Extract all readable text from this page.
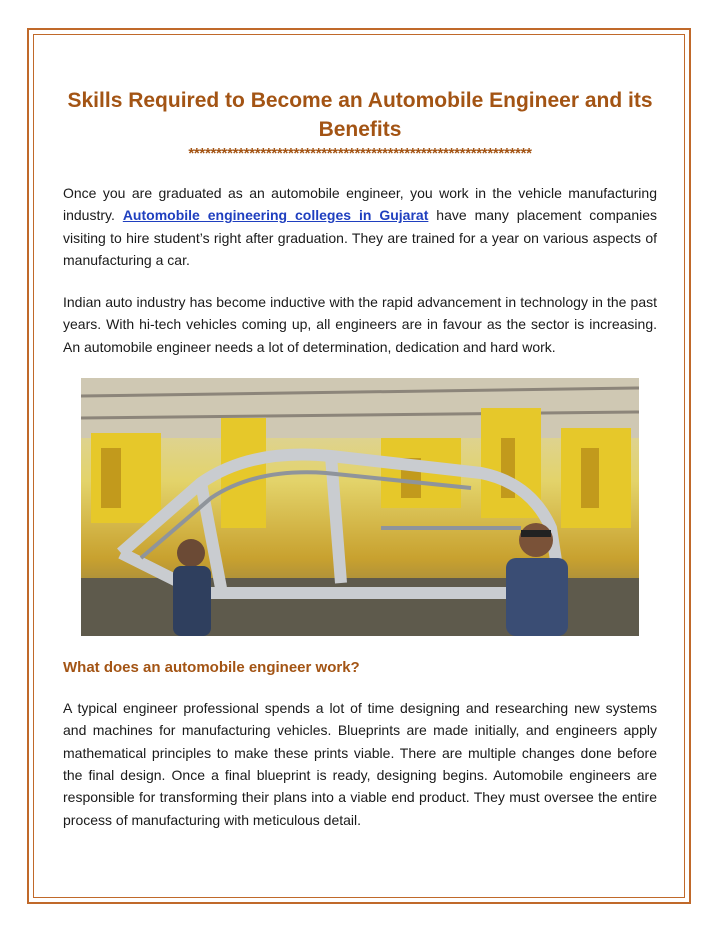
Skills Required to Become an Automobile Engineer and its Benefits
**************************************************************

Once you are graduated as an automobile engineer, you work in the vehicle manufacturing industry. Automobile engineering colleges in Gujarat have many placement companies visiting to hire student’s right after graduation. They are trained for a year on various aspects of manufacturing a car.

Indian auto industry has become inductive with the rapid advancement in technology in the past years. With hi-tech vehicles coming up, all engineers are in favour as the sector is increasing. An automobile engineer needs a lot of determination, dedication and hard work.

What does an automobile engineer work?

A typical engineer professional spends a lot of time designing and researching new systems and machines for manufacturing vehicles. Blueprints are made initially, and engineers apply mathematical principles to make these prints viable. There are multiple changes done before the final design. Once a final blueprint is ready, designing begins. Automobile engineers are responsible for transforming their plans into a viable end product. They must oversee the entire process of manufacturing with meticulous detail.
